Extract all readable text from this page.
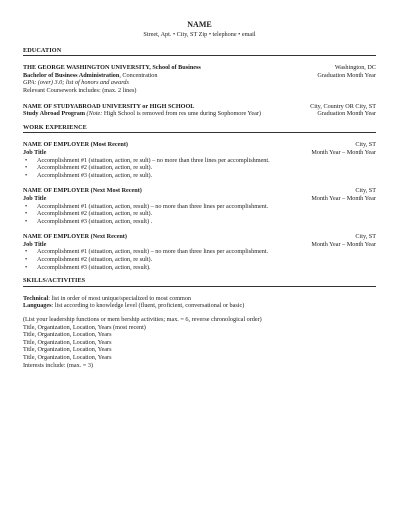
NAME
Street, Apt. • City, ST Zip • telephone • email
EDUCATION
THE GEORGE WASHINGTON UNIVERSITY, School of Business	Washington, DC
Bachelor of Business Administration, Concentration	Graduation Month Year
GPA: (over) 3.0; list of honors and awards
Relevant Coursework includes: (max. 2 lines)
NAME OF STUDYABROAD UNIVERSITY or HIGH SCHOOL	City, Country OR City, ST
Study Abroad Program (Note: High School is removed from res ume during Sophomore Year)	Graduation Month Year
WORK EXPERIENCE
NAME OF EMPLOYER (Most Recent)	City, ST
Job Title	Month Year – Month Year
• Accomplishment #1 (situation, action, re sult) – no more than three lines per accomplishment.
• Accomplishment #2 (situation, action, re sult).
• Accomplishment #3 (situation, action, re sult).
NAME OF EMPLOYER (Next Most Recent)	City, ST
Job Title	Month Year – Month Year
• Accomplishment #1 (situation, action, result) – no more than three lines per accomplishment.
• Accomplishment #2 (situation, action, re sult).
• Accomplishment #3 (situation, action, result) .
NAME OF EMPLOYER (Next Recent)	City, ST
Job Title	Month Year – Month Year
• Accomplishment #1 (situation, action, result) – no more than three lines per accomplishment.
• Accomplishment #2 (situation, action, re sult).
• Accomplishment #3 (situation, action, result).
SKILLS/ACTIVITIES
Technical: list in order of most unique/specialized to most common
Languages: list according to knowledge level (fluent, proficient, conversational or basic)
(List your leadership functions or mem bership activities; max. = 6, reverse chronological order)
Title, Organization, Location, Years (most recent)
Title, Organization, Location, Years
Title, Organization, Location, Years
Title, Organization, Location, Years
Title, Organization, Location, Years
Interests include: (max. = 3)
